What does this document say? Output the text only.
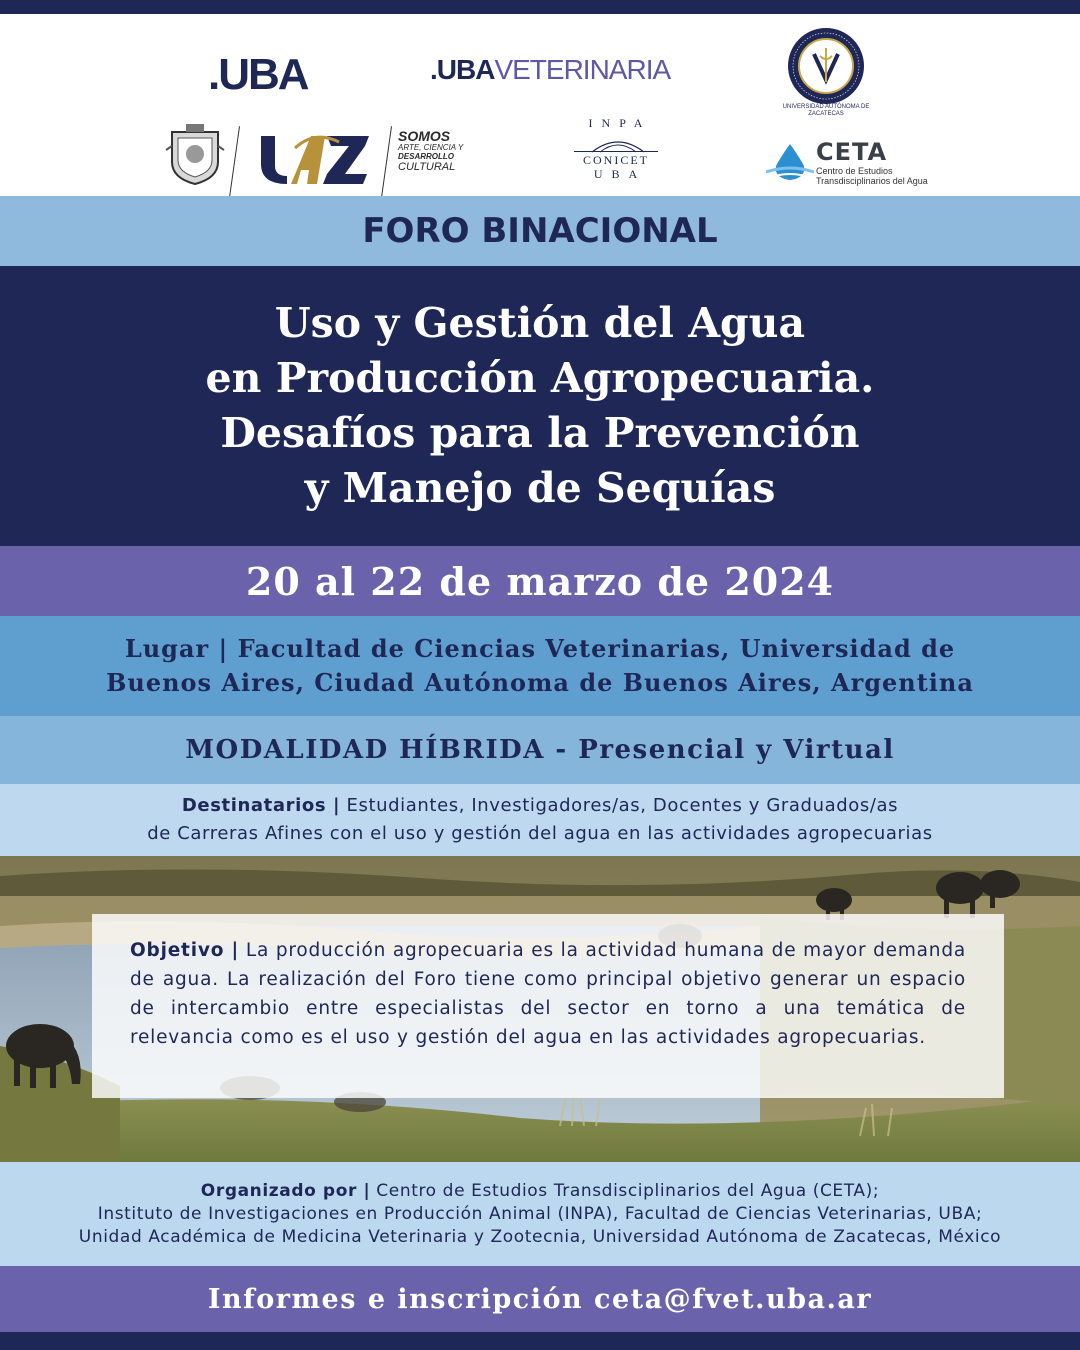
.UBA	.UBAVETERINARIA
UNIVERSIDAD AUTÓNOMA DE ZACATECAS
SOMOS
ARTE, CIENCIA Y
DESARROLLO
CULTURAL
INPA
CONICET
UBA
CETA
Centro de Estudios
Transdisciplinarios del Agua
FORO BINACIONAL
Uso y Gestión del Agua
en Producción Agropecuaria.
Desafíos para la Prevención
y Manejo de Sequías
20 al 22 de marzo de 2024
Lugar | Facultad de Ciencias Veterinarias, Universidad de
Buenos Aires, Ciudad Autónoma de Buenos Aires, Argentina
MODALIDAD HÍBRIDA - Presencial y Virtual
Destinatarios | Estudiantes, Investigadores/as, Docentes y Graduados/as
de Carreras Afines con el uso y gestión del agua en las actividades agropecuarias

Objetivo | La producción agropecuaria es la actividad humana de mayor demanda de agua. La realización del Foro tiene como principal objetivo generar un espacio de intercambio entre especialistas del sector en torno a una temática de relevancia como es el uso y gestión del agua en las actividades agropecuarias.

Organizado por | Centro de Estudios Transdisciplinarios del Agua (CETA);
Instituto de Investigaciones en Producción Animal (INPA), Facultad de Ciencias Veterinarias, UBA;
Unidad Académica de Medicina Veterinaria y Zootecnia, Universidad Autónoma de Zacatecas, México
Informes e inscripción ceta@fvet.uba.ar
